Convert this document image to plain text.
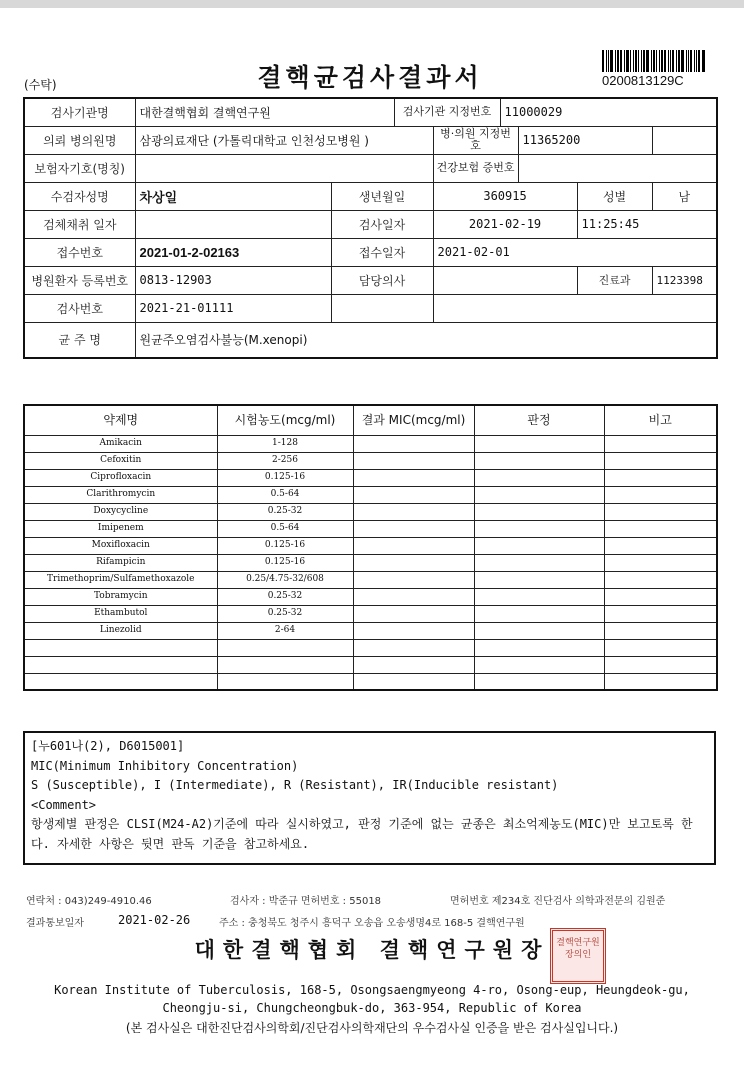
(수탁)	결핵균검사결과서	0200813129C
검사기관명	대한결핵협회 결핵연구원		검사기관 지정번호		11000029			
의뢰 병의원명	삼광의료재단 (가톨릭대학교 인천성모병원 )			병·의원 지정번호		11365200		
보험자기호(명칭)				건강보험 증번호				
수검자성명	차상일	생년월일		360915			성별	남
검체채취 일자		검사일자		2021-02-19			11:25:45	
접수번호	2021-01-2-02163	접수일자		2021-02-01				
병원환자 등록번호	0813-12903	담당의사					진료과	1123398
검사번호	2021-21-01111							
균 주 명	원균주오염검사불능(M.xenopi)							
약제명	시험농도(mcg/ml)	결과 MIC(mcg/ml)	판정	비고
Amikacin	1-128			
Cefoxitin	2-256			
Ciprofloxacin	0.125-16			
Clarithromycin	0.5-64			
Doxycycline	0.25-32			
Imipenem	0.5-64			
Moxifloxacin	0.125-16			
Rifampicin	0.125-16			
Trimethoprim/Sulfamethoxazole	0.25/4.75-32/608			
Tobramycin	0.25-32			
Ethambutol	0.25-32			
Linezolid	2-64			

[누601나(2), D6015001]
MIC(Minimum Inhibitory Concentration)
S (Susceptible), I (Intermediate), R (Resistant), IR(Inducible resistant)
<Comment>
항생제별 판정은 CLSI(M24-A2)기준에 따라 실시하였고, 판정 기준에 없는 균종은 최소억제농도(MIC)만 보고토록 한다. 자세한 사항은 뒷면 판독 기준을 참고하세요.
연락처 : 043)249-4910.46	검사자 : 박준규 면허번호 : 55018	면허번호 제234호 진단검사 의학과전문의 김원준
결과통보일자	2021-02-26	주소 : 충청북도 청주시 흥덕구 오송읍 오송생명4로 168-5 결핵연구원
대한결핵협회 결핵연구원장 결핵연구원장의인
Korean Institute of Tuberculosis, 168-5, Osongsaengmyeong 4-ro, Osong-eup, Heungdeok-gu,
Cheongju-si, Chungcheongbuk-do, 363-954, Republic of Korea
(본 검사실은 대한진단검사의학회/진단검사의학재단의 우수검사실 인증을 받은 검사실입니다.)
